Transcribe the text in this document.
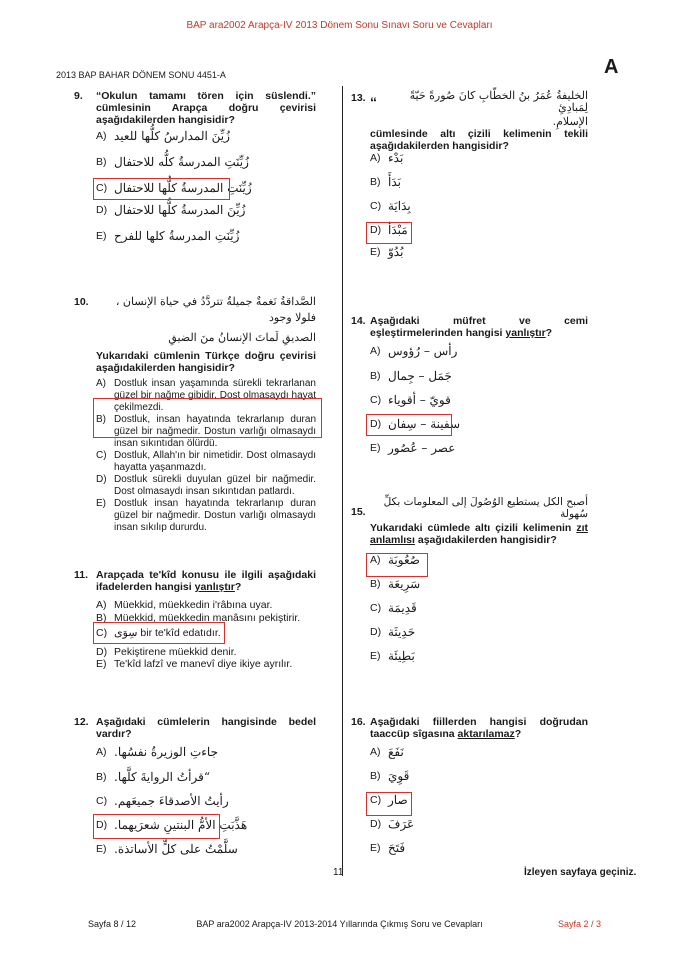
BAP ara2002 Arapça-IV 2013 Dönem Sonu Sınavı Soru ve Cevapları
2013 BAP BAHAR DÖNEM SONU 4451-A	A
9. “Okulun tamamı tören için süslendi.” cümlesinin Arapça doğru çevirisi aşağıdakilerden hangisidir?
A) زُيِّنَ المدارسُ كلُّها للعيد
B) زُيِّنَتِ المدرسةُ كلُّه للاحتفال
C) زُيِّنَتِ المدرسةُ كلُّها للاحتفال
D) زُيِّنَ المدرسةُ كلُّها للاحتفال
E) زُيِّنَتِ المدرسةُ كلها للفرح
10.	الصَّداقةُ نَغمةٌ جميلةٌ تتردَّدُ في حياة الإنسان ، فلولا وجود
الصديقِ لَماتَ الإنسانُ منَ الضيقِ
Yukarıdaki cümlenin Türkçe doğru çevirisi aşağıdakilerden hangisidir?
A) Dostluk insan yaşamında sürekli tekrarlanan güzel bir nağme gibidir. Dost olmasaydı hayat çekilmezdi.
B) Dostluk, insan hayatında tekrarlanıp duran güzel bir nağmedir. Dostun varlığı olmasaydı insan sıkıntıdan ölürdü.
C) Dostluk, Allah'ın bir nimetidir. Dost olmasaydı hayatta yaşanmazdı.
D) Dostluk sürekli duyulan güzel bir nağmedir. Dost olmasaydı insan sıkıntıdan patlardı.
E) Dostluk insan hayatında tekrarlanıp duran güzel bir nağmedir. Dostun varlığı olmasaydı insan sıkılıp dururdu.
11. Arapçada te'kîd konusu ile ilgili aşağıdaki ifadelerden hangisi yanlıştır?
A) Müekkid, müekkedin i'râbına uyar.
B) Müekkid, müekkedin manâsını pekiştirir.
C) سِوَى bir te'kîd edatıdır.
D) Pekiştirene müekkid denir.
E) Te'kîd lafzî ve manevî diye ikiye ayrılır.
12. Aşağıdaki cümlelerin hangisinde bedel vardır?
A) جاءتِ الوزيرةُ نفسُها.
B) “قرأتُ الروايةَ كلَّها.
C) رأيتُ الأصدقاءَ جميعَهم.
D) هَذَّبَتِ الأمُّ البنتينِ شعرَيهما.
E) سلَّمْتُ على كلٍّ الأساتذة.
13. “	الخليفةُ عُمَرُ بنُ الخطّابِ كانَ صُورةً حَيّةً لِمَبادِئِ
الإسلامِ.
cümlesinde altı çizili kelimenin tekili aşağıdakilerden hangisidir?
A) بَدْء
B) بَدَأَ
C) بِدَايَة
D) مَبْدَأ
E) بُدُوّ
14. Aşağıdaki müfret ve cemi eşleştirmelerinden hangisi yanlıştır?
A) رأس – رُؤوس
B) جَمَل – جِمال
C) قويّ – أقوياء
D) سفينة – سِفان
E) عصر – عُصُور
15.
أصبح الكل يستطيع الوُصُولَ إلى المعلومات بكلِّ سُهولة
Yukarıdaki cümlede altı çizili kelimenin zıt anlamlısı aşağıdakilerden hangisidir?
A) صُعُوبَة
B) سَرِيعَة
C) قَدِيمَة
D) حَدِيثَة
E) بَطِيئَة
16. Aşağıdaki fiillerden hangisi doğrudan taaccüp sîgasına aktarılamaz?
A) نَفَعَ
B) قَوِيَ
C) صار
D) عَرَفَ
E) فَتَحَ
11	İzleyen sayfaya geçiniz.
Sayfa 8 / 12	BAP ara2002 Arapça-IV 2013-2014 Yıllarında Çıkmış Soru ve Cevapları	Sayfa 2 / 3
